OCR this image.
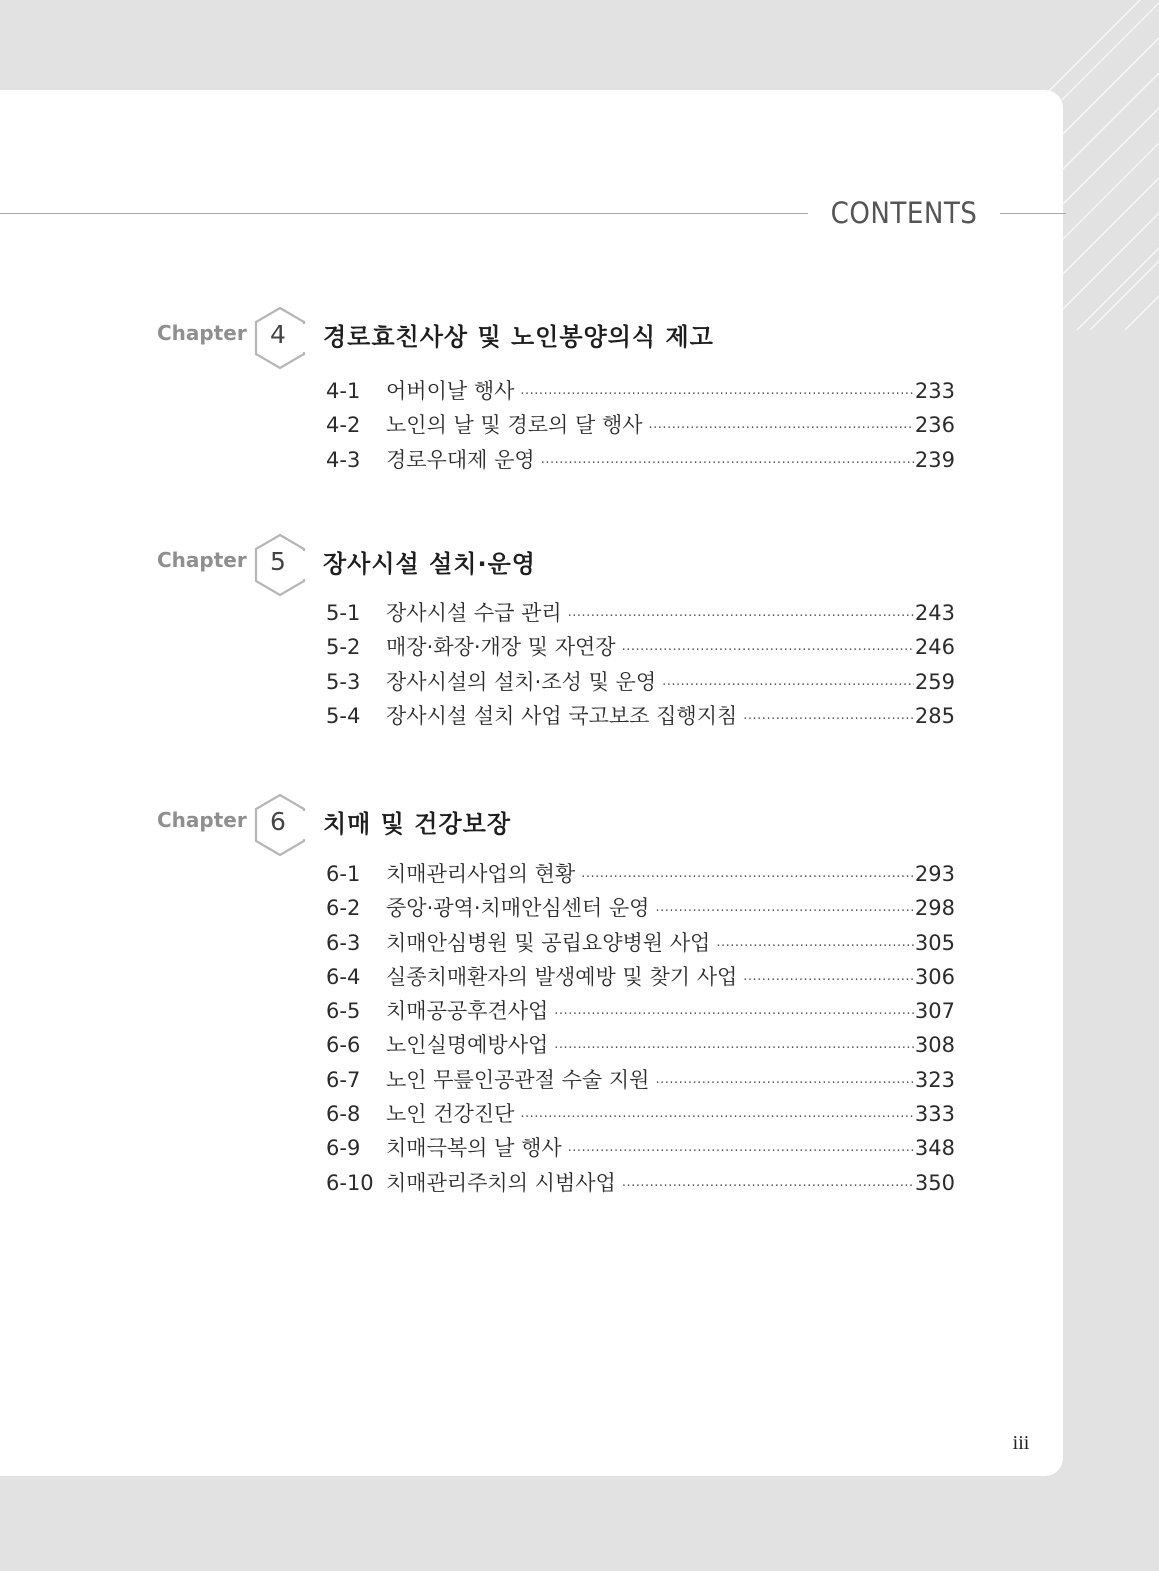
CONTENTS
Chapter 4	경로효친사상 및 노인봉양의식 제고
4-1	어버이날 행사 ·····	233
4-2	노인의 날 및 경로의 달 행사 ·····	236
4-3	경로우대제 운영 ·····	239
Chapter 5	장사시설 설치·운영
5-1	장사시설 수급 관리 ·····	243
5-2	매장·화장·개장 및 자연장 ·····	246
5-3	장사시설의 설치·조성 및 운영 ·····	259
5-4	장사시설 설치 사업 국고보조 집행지침 ·····	285
Chapter 6	치매 및 건강보장
6-1	치매관리사업의 현황 ·····	293
6-2	중앙·광역·치매안심센터 운영 ·····	298
6-3	치매안심병원 및 공립요양병원 사업 ·····	305
6-4	실종치매환자의 발생예방 및 찾기 사업 ·····	306
6-5	치매공공후견사업 ·····	307
6-6	노인실명예방사업 ·····	308
6-7	노인 무릎인공관절 수술 지원 ·····	323
6-8	노인 건강진단 ·····	333
6-9	치매극복의 날 행사 ·····	348
6-10 치매관리주치의 시범사업 ·····	350
iii
